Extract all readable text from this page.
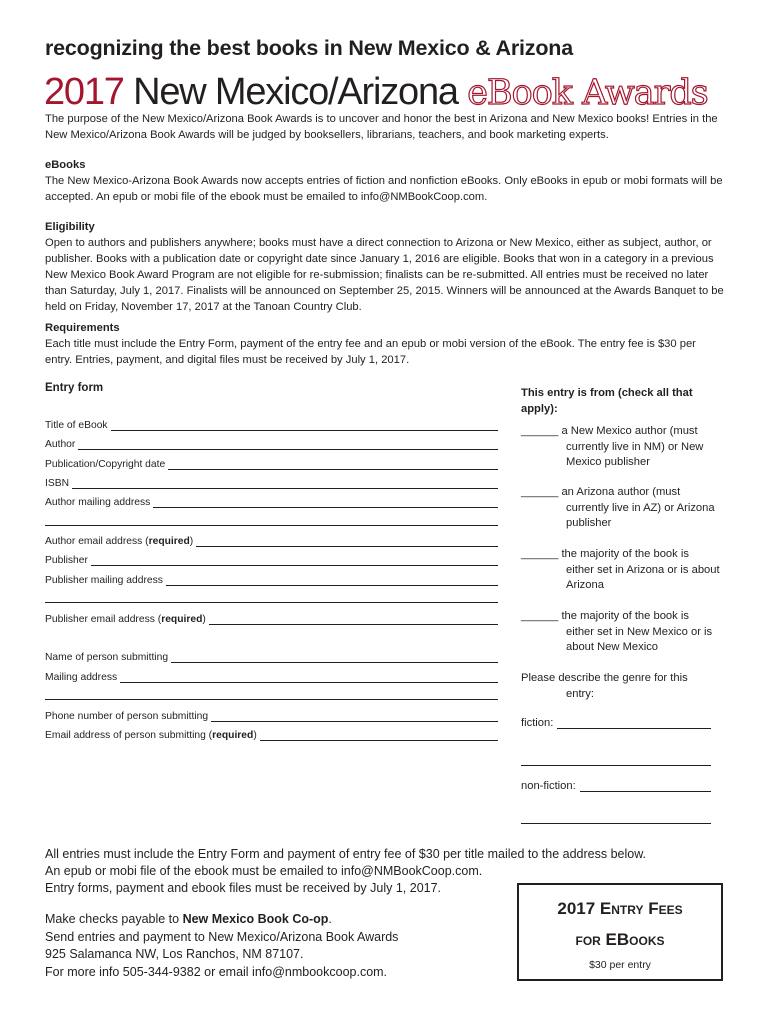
recognizing the best books in New Mexico & Arizona
2017 New Mexico/Arizona eBook Awards

The purpose of the New Mexico/Arizona Book Awards is to uncover and honor the best in Arizona and New Mexico books! Entries in the New Mexico/Arizona Book Awards will be judged by booksellers, librarians, teachers, and book marketing experts.

eBooks

The New Mexico-Arizona Book Awards now accepts entries of fiction and nonfiction eBooks. Only eBooks in epub or mobi formats will be accepted. An epub or mobi file of the ebook must be emailed to info@NMBookCoop.com.

Eligibility

Open to authors and publishers anywhere; books must have a direct connection to Arizona or New Mexico, either as subject, author, or publisher. Books with a publication date or copyright date since January 1, 2016 are eligible. Books that won in a category in a previous New Mexico Book Award Program are not eligible for re-submission; finalists can be re-submitted. All entries must be received no later than Saturday, July 1, 2017. Finalists will be announced on September 25, 2015. Winners will be announced at the Awards Banquet to be held on Friday, November 17, 2017 at the Tanoan Country Club.

Requirements

Each title must include the Entry Form, payment of the entry fee and an epub or mobi version of the eBook. The entry fee is $30 per entry. Entries, payment, and digital files must be received by July 1, 2017.

Entry form
Title of eBook
Author
Publication/Copyright date
ISBN
Author mailing address
Author email address (required)
Publisher
Publisher mailing address
Publisher email address (required)
Name of person submitting
Mailing address
Phone number of person submitting
Email address of person submitting (required)
This entry is from (check all that apply):
______ a New Mexico author (must
currently live in NM) or New Mexico publisher
______ an Arizona author (must
currently live in AZ) or Arizona publisher
______ the majority of the book is
either set in Arizona or is about Arizona
______ the majority of the book is
either set in New Mexico or is about New Mexico
Please describe the genre for this
entry:
fiction:
non-fiction:
All entries must include the Entry Form and payment of entry fee of $30 per title mailed to the address below.
An epub or mobi file of the ebook must be emailed to info@NMBookCoop.com.
Entry forms, payment and ebook files must be received by July 1, 2017.
Make checks payable to New Mexico Book Co-op.
Send entries and payment to New Mexico/Arizona Book Awards
925 Salamanca NW, Los Ranchos, NM 87107.
For more info 505-344-9382 or email info@nmbookcoop.com.
2017 Entry Fees
for EBooks
$30 per entry
